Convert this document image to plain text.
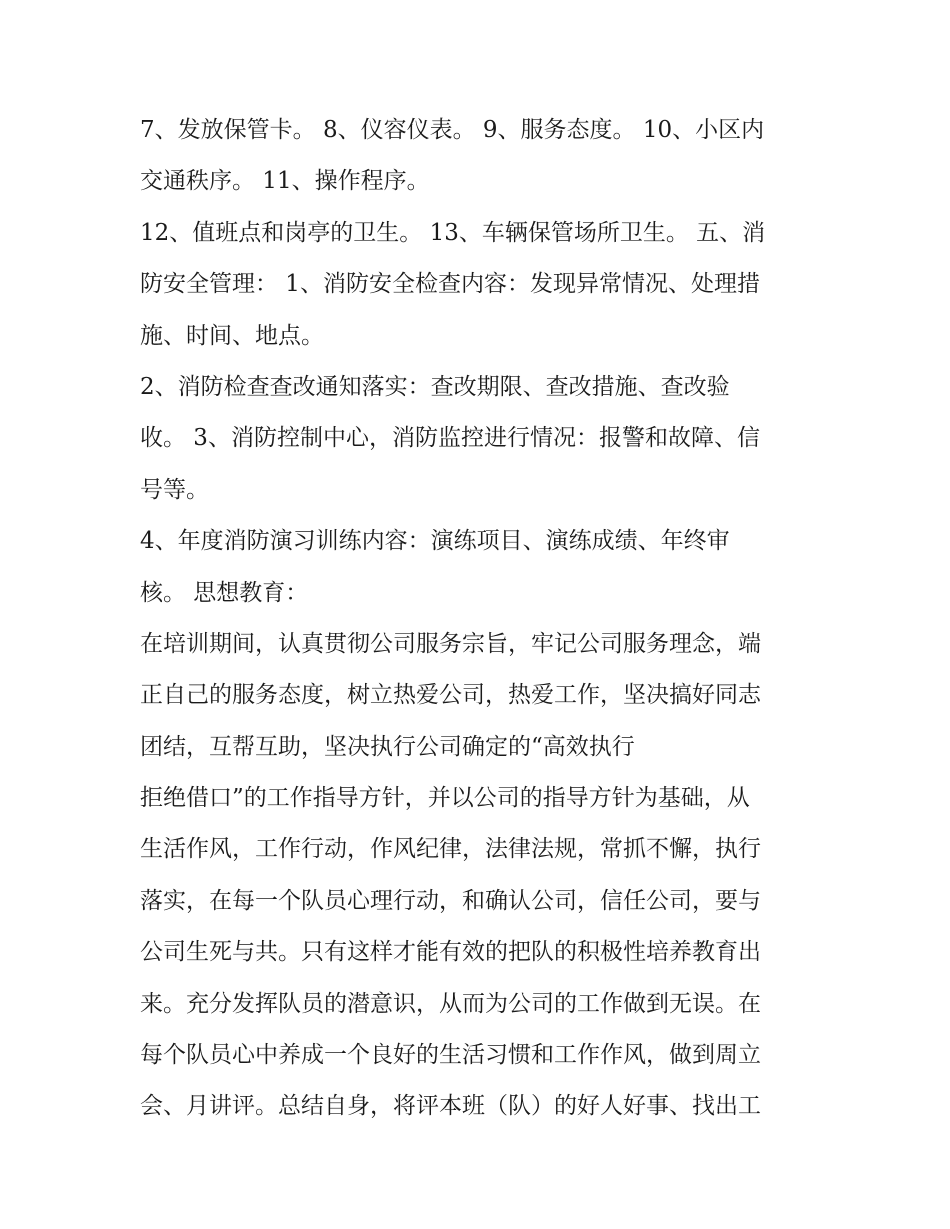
7、发放保管卡。 8、仪容仪表。 9、服务态度。 10、小区内
交通秩序。 11、操作程序。
12、值班点和岗亭的卫生。 13、车辆保管场所卫生。 五、消
防安全管理： 1、消防安全检查内容：发现异常情况、处理措
施、时间、地点。
2、消防检查查改通知落实：查改期限、查改措施、查改验
收。 3、消防控制中心，消防监控进行情况：报警和故障、信
号等。
4、年度消防演习训练内容：演练项目、演练成绩、年终审
核。 思想教育：
在培训期间，认真贯彻公司服务宗旨，牢记公司服务理念，端
正自己的服务态度，树立热爱公司，热爱工作，坚决搞好同志
团结，互帮互助，坚决执行公司确定的“高效执行
拒绝借口”的工作指导方针，并以公司的指导方针为基础，从
生活作风，工作行动，作风纪律，法律法规，常抓不懈，执行
落实，在每一个队员心理行动，和确认公司，信任公司，要与
公司生死与共。只有这样才能有效的把队的积极性培养教育出
来。充分发挥队员的潜意识，从而为公司的工作做到无误。在
每个队员心中养成一个良好的生活习惯和工作作风，做到周立
会、月讲评。总结自身，将评本班（队）的好人好事、找出工
